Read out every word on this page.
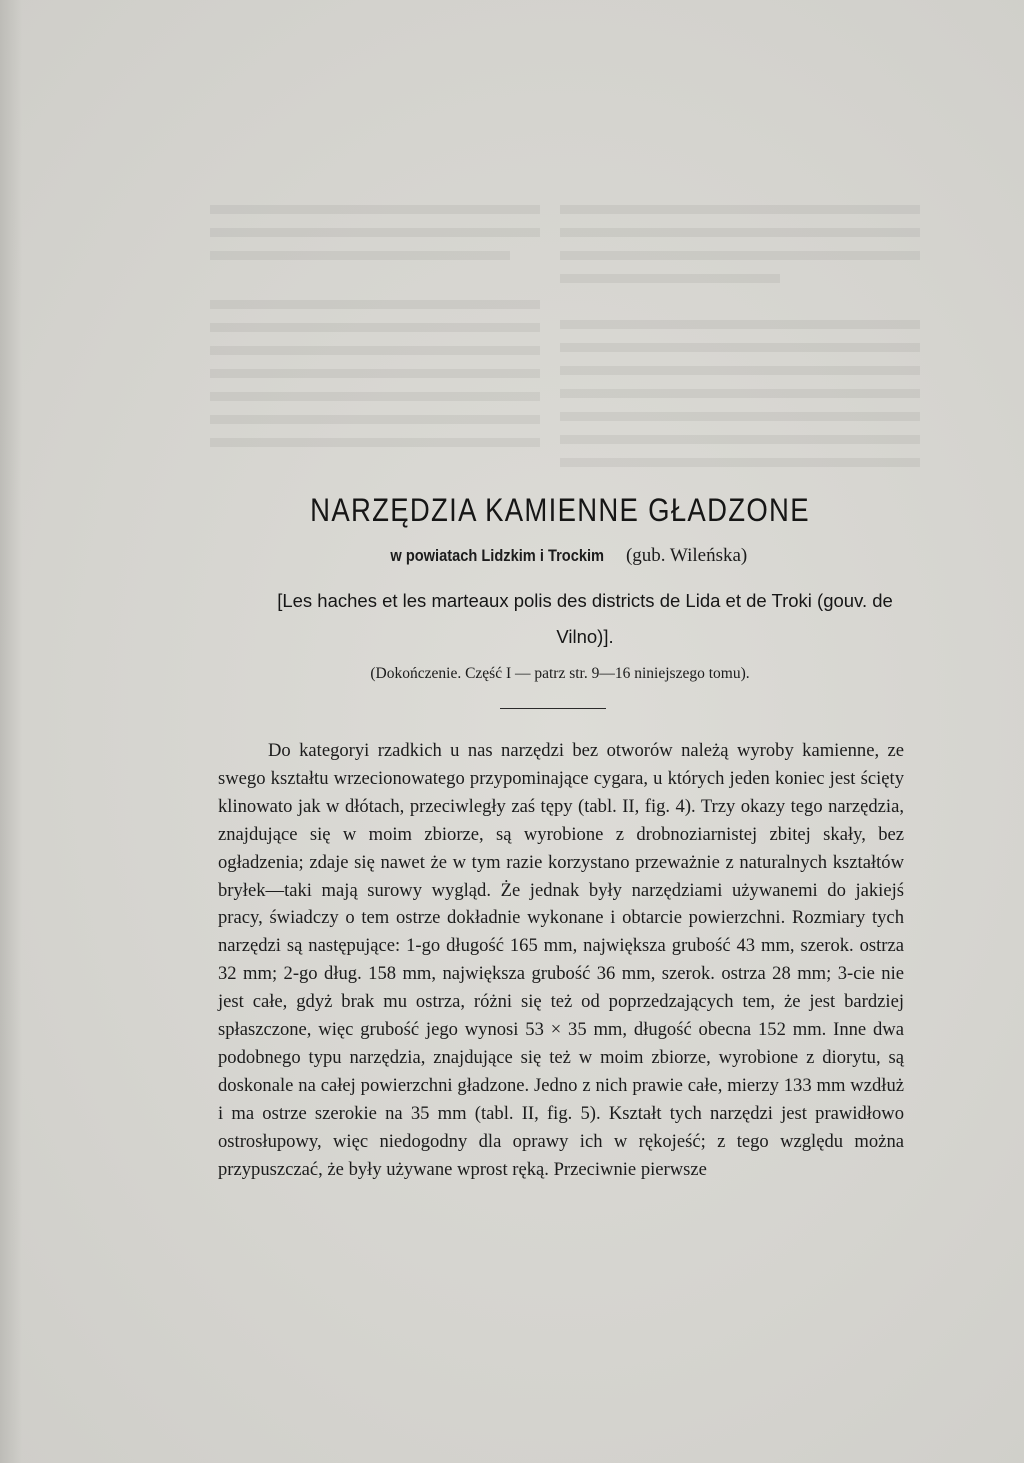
NARZĘDZIA KAMIENNE GŁADZONE
w powiatach Lidzkim i Trockim (gub. Wileńska)
[Les haches et les marteaux polis des districts de Lida et de Troki (gouv. de Vilno)].
(Dokończenie. Część I — patrz str. 9—16 niniejszego tomu).

Do kategoryi rzadkich u nas narzędzi bez otworów należą wyroby kamienne, ze swego kształtu wrzecionowatego przypominające cygara, u których jeden koniec jest ścięty klinowato jak w dłótach, przeciwległy zaś tępy (tabl. II, fig. 4). Trzy okazy tego narzędzia, znajdujące się w moim zbiorze, są wyrobione z drobnoziarnistej zbitej skały, bez ogładzenia; zdaje się nawet że w tym razie korzystano przeważnie z naturalnych kształtów bryłek—taki mają surowy wygląd. Że jednak były narzędziami używanemi do jakiejś pracy, świadczy o tem ostrze dokładnie wykonane i obtarcie powierzchni. Rozmiary tych narzędzi są następujące: 1-go długość 165 mm, największa grubość 43 mm, szerok. ostrza 32 mm; 2-go dług. 158 mm, największa grubość 36 mm, szerok. ostrza 28 mm; 3-cie nie jest całe, gdyż brak mu ostrza, różni się też od poprzedzających tem, że jest bardziej spłaszczone, więc grubość jego wynosi 53 × 35 mm, długość obecna 152 mm. Inne dwa podobnego typu narzędzia, znajdujące się też w moim zbiorze, wyrobione z diorytu, są doskonale na całej powierzchni gładzone. Jedno z nich prawie całe, mierzy 133 mm wzdłuż i ma ostrze szerokie na 35 mm (tabl. II, fig. 5). Kształt tych narzędzi jest prawidłowo ostrosłupowy, więc niedogodny dla oprawy ich w rękojeść; z tego względu można przypuszczać, że były używane wprost ręką. Przeciwnie pierwsze
